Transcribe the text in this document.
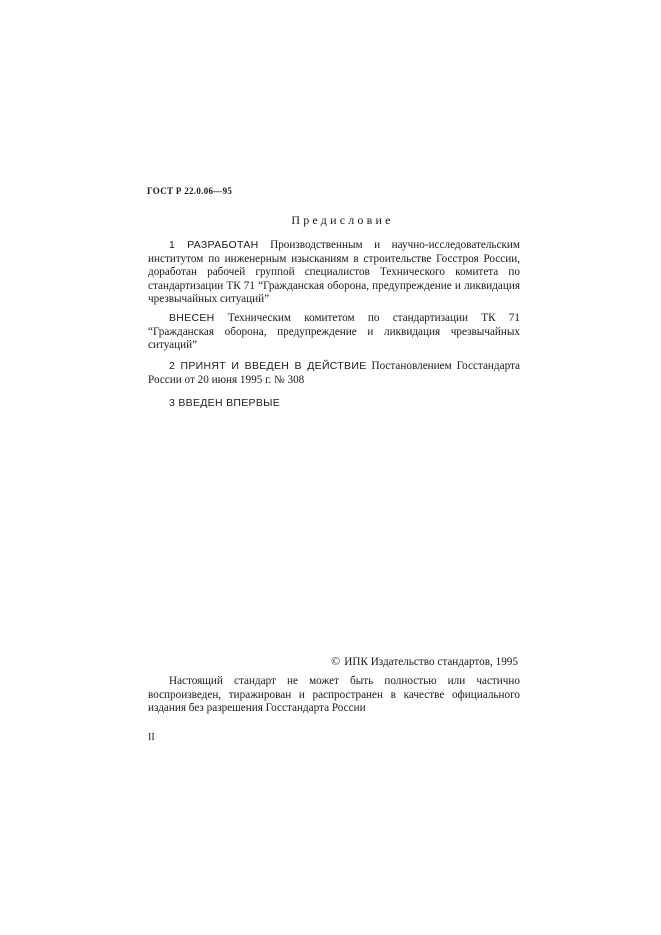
ГОСТ Р 22.0.06—95
Предисловие

1 РАЗРАБОТАН Производственным и научно-исследовательским институтом по инженерным изысканиям в строительстве Госстроя России, доработан рабочей группой специалистов Технического комитета по стандартизации ТК 71 “Гражданская оборона, предупреждение и ликвидация чрезвычайных ситуаций”

ВНЕСЕН Техническим комитетом по стандартизации ТК 71 “Гражданская оборона, предупреждение и ликвидация чрезвычайных ситуаций”

2 ПРИНЯТ И ВВЕДЕН В ДЕЙСТВИЕ Постановлением Госстандарта России от 20 июня 1995 г. № 308

3 ВВЕДЕН ВПЕРВЫЕ

© ИПК Издательство стандартов, 1995

Настоящий стандарт не может быть полностью или частично воспроизведен, тиражирован и распространен в качестве официального издания без разрешения Госстандарта России

II
